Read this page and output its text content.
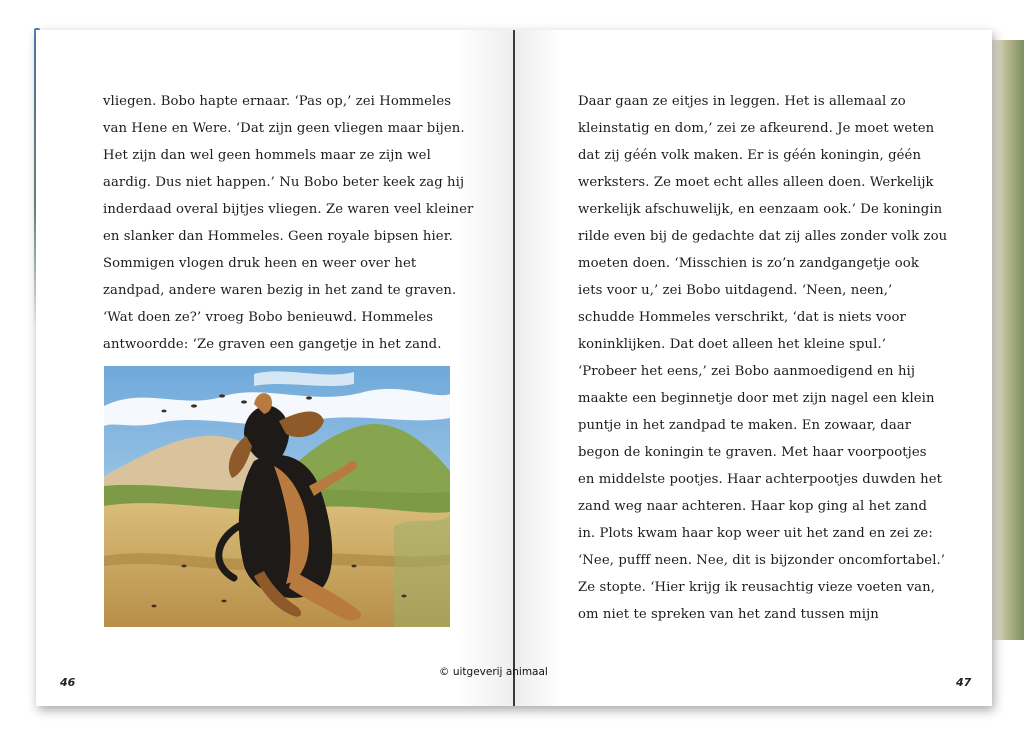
vliegen. Bobo hapte ernaar. ‘Pas op,’ zei Hommeles
van Hene en Were. ‘Dat zijn geen vliegen maar bijen.
Het zijn dan wel geen hommels maar ze zijn wel
aardig. Dus niet happen.’ Nu Bobo beter keek zag hij
inderdaad overal bijtjes vliegen. Ze waren veel kleiner
en slanker dan Hommeles. Geen royale bipsen hier.
Sommigen vlogen druk heen en weer over het
zandpad, andere waren bezig in het zand te graven.
‘Wat doen ze?’ vroeg Bobo benieuwd. Hommeles
antwoordde: ‘Ze graven een gangetje in het zand.
46
Daar gaan ze eitjes in leggen. Het is allemaal zo
kleinstatig en dom,’ zei ze afkeurend. Je moet weten
dat zij géén volk maken. Er is géén koningin, géén
werksters. Ze moet echt alles alleen doen. Werkelijk
werkelijk afschuwelijk, en eenzaam ook.’ De koningin
rilde even bij de gedachte dat zij alles zonder volk zou
moeten doen. ‘Misschien is zo’n zandgangetje ook
iets voor u,’ zei Bobo uitdagend. ‘Neen, neen,’
schudde Hommeles verschrikt, ‘dat is niets voor
koninklijken. Dat doet alleen het kleine spul.’
‘Probeer het eens,’ zei Bobo aanmoedigend en hij
maakte een beginnetje door met zijn nagel een klein
puntje in het zandpad te maken. En zowaar, daar
begon de koningin te graven. Met haar voorpootjes
en middelste pootjes. Haar achterpootjes duwden het
zand weg naar achteren. Haar kop ging al het zand
in. Plots kwam haar kop weer uit het zand en zei ze:
‘Nee, pufff neen. Nee, dit is bijzonder oncomfortabel.’
Ze stopte. ‘Hier krijg ik reusachtig vieze voeten van,
om niet te spreken van het zand tussen mijn
47
© uitgeverij animaal
